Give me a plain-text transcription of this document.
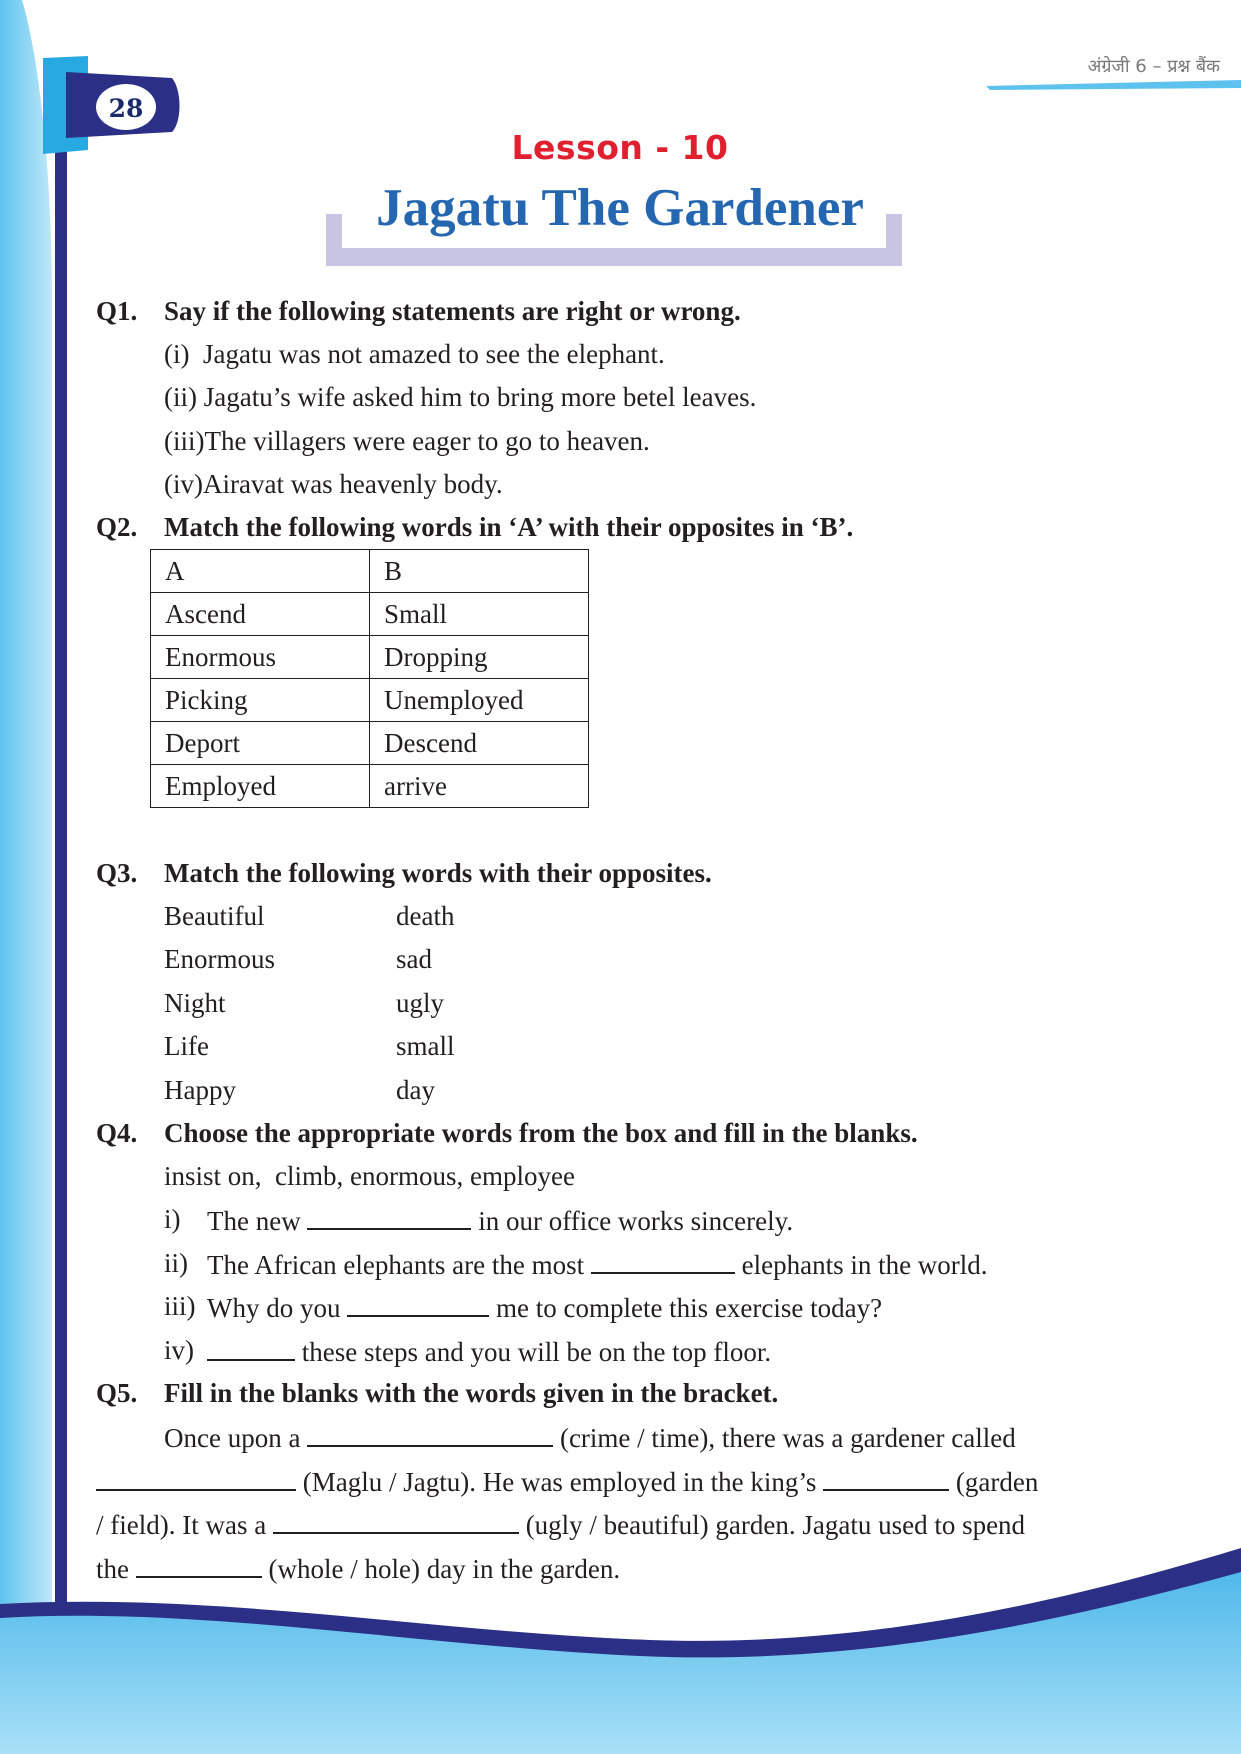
28
अंग्रेजी 6 – प्रश्न बैंक
Lesson - 10
Jagatu The Gardener
Q1. Say if the following statements are right or wrong.
(i)  Jagatu was not amazed to see the elephant.
(ii) Jagatu’s wife asked him to bring more betel leaves.
(iii)The villagers were eager to go to heaven.
(iv)Airavat was heavenly body.
Q2. Match the following words in ‘A’ with their opposites in ‘B’.
A	B
Ascend	Small
Enormous	Dropping
Picking	Unemployed
Deport	Descend
Employed	arrive
Q3. Match the following words with their opposites.
Beautiful	death
Enormous	sad
Night	ugly
Life	small
Happy	day
Q4. Choose the appropriate words from the box and fill in the blanks.
insist on,  climb, enormous, employee
i) The new	in our office works sincerely.
ii) The African elephants are the most	elephants in the world.
iii) Why do you	me to complete this exercise today?
iv)	these steps and you will be on the top floor.
Q5. Fill in the blanks with the words given in the bracket.
Once upon a	(crime / time), there was a gardener called
(Maglu / Jagtu). He was employed in the king’s	(garden
/ field). It was a	(ugly / beautiful) garden. Jagatu used to spend
the	(whole / hole) day in the garden.
